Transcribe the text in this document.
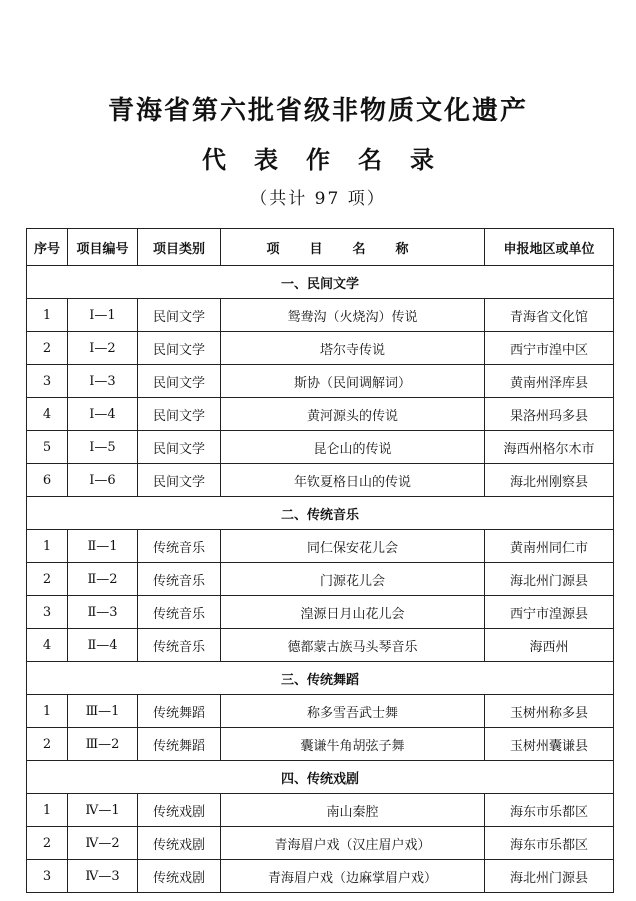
青海省第六批省级非物质文化遗产
代表作名录
（共计 97 项）
序号	项目编号	项目类别	项目名称	申报地区或单位
一、民间文学				
1	Ⅰ—1	民间文学	鸳鸯沟（火烧沟）传说	青海省文化馆
2	Ⅰ—2	民间文学	塔尔寺传说	西宁市湟中区
3	Ⅰ—3	民间文学	斯协（民间调解词）	黄南州泽库县
4	Ⅰ—4	民间文学	黄河源头的传说	果洛州玛多县
5	Ⅰ—5	民间文学	昆仑山的传说	海西州格尔木市
6	Ⅰ—6	民间文学	年钦夏格日山的传说	海北州刚察县
二、传统音乐				
1	Ⅱ—1	传统音乐	同仁保安花儿会	黄南州同仁市
2	Ⅱ—2	传统音乐	门源花儿会	海北州门源县
3	Ⅱ—3	传统音乐	湟源日月山花儿会	西宁市湟源县
4	Ⅱ—4	传统音乐	德都蒙古族马头琴音乐	海西州
三、传统舞蹈				
1	Ⅲ—1	传统舞蹈	称多雪吾武士舞	玉树州称多县
2	Ⅲ—2	传统舞蹈	囊谦牛角胡弦子舞	玉树州囊谦县
四、传统戏剧				
1	Ⅳ—1	传统戏剧	南山秦腔	海东市乐都区
2	Ⅳ—2	传统戏剧	青海眉户戏（汉庄眉户戏）	海东市乐都区
3	Ⅳ—3	传统戏剧	青海眉户戏（边麻掌眉户戏）	海北州门源县
